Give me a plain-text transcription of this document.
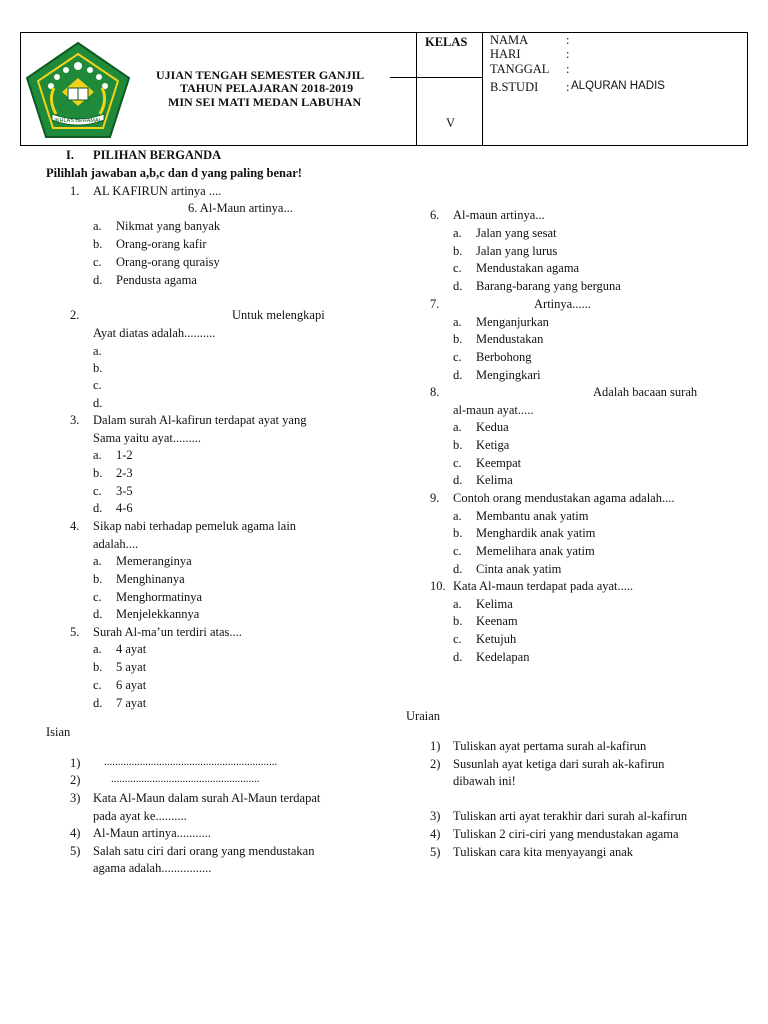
IKHLAS BERAMAL
UJIAN TENGAH SEMESTER GANJIL
TAHUN PELAJARAN 2018-2019
MIN SEI MATI MEDAN LABUHAN
KELAS
V
NAMA	:
HARI	:
TANGGAL :
B.STUDI : ALQURAN HADIS
I. PILIHAN BERGANDA
Pilihlah jawaban a,b,c dan d yang paling benar!
1. AL KAFIRUN artinya ....
6. Al-Maun artinya...
a. Nikmat yang banyak
b. Orang-orang kafir
c. Orang-orang quraisy
d. Pendusta agama
2.	Untuk melengkapi
Ayat diatas adalah..........
a.
b.
c.
d.
3. Dalam surah Al-kafirun terdapat ayat yang
Sama yaitu ayat.........
a. 1-2
b. 2-3
c. 3-5
d. 4-6
4. Sikap nabi terhadap pemeluk agama lain
adalah....
a. Memeranginya
b. Menghinanya
c. Menghormatinya
d. Menjelekkannya
5. Surah Al-ma’un terdiri atas....
a. 4 ayat
b. 5 ayat
c. 6 ayat
d. 7 ayat
Isian
1) ...............................................................
2)	......................................................
3) Kata Al-Maun dalam surah Al-Maun terdapat
pada ayat ke..........
4) Al-Maun artinya...........
5) Salah satu ciri dari orang yang mendustakan
agama adalah................
6. Al-maun artinya...
a. Jalan yang sesat
b. Jalan yang lurus
c. Mendustakan agama
d. Barang-barang yang berguna
7.	Artinya......
a. Menganjurkan
b. Mendustakan
c. Berbohong
d. Mengingkari
8.	Adalah bacaan surah
al-maun ayat.....
a. Kedua
b. Ketiga
c. Keempat
d. Kelima
9. Contoh orang mendustakan agama adalah....
a. Membantu anak yatim
b. Menghardik anak yatim
c. Memelihara anak yatim
d. Cinta anak yatim
10. Kata Al-maun terdapat pada ayat.....
a. Kelima
b. Keenam
c. Ketujuh
d. Kedelapan
Uraian
1) Tuliskan ayat pertama surah al-kafirun
2) Susunlah ayat ketiga dari surah ak-kafirun
dibawah ini!
3) Tuliskan arti ayat terakhir dari surah al-kafirun
4) Tuliskan 2 ciri-ciri yang mendustakan agama
5) Tuliskan cara kita menyayangi anak
